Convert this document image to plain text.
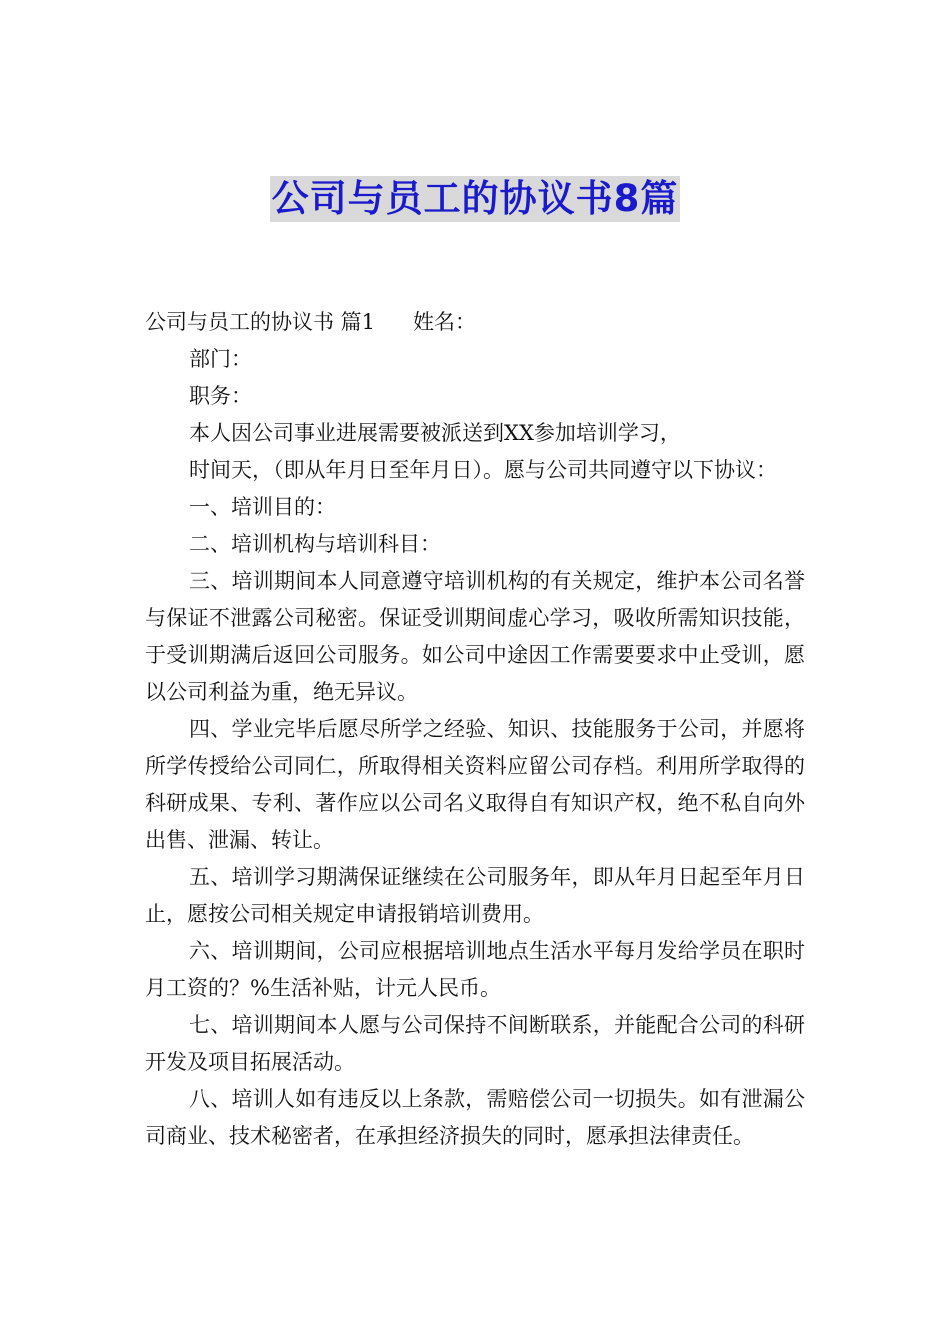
公司与员工的协议书8篇
公司与员工的协议书 篇1 姓名：
部门：
职务：

本人因公司事业进展需要被派送到XX参加培训学习，

时间天，（即从年月日至年月日）。愿与公司共同遵守以下协议：

一、培训目的：

二、培训机构与培训科目：

三、培训期间本人同意遵守培训机构的有关规定，维护本公司名誉与保证不泄露公司秘密。保证受训期间虚心学习，吸收所需知识技能，于受训期满后返回公司服务。如公司中途因工作需要要求中止受训，愿以公司利益为重，绝无异议。

四、学业完毕后愿尽所学之经验、知识、技能服务于公司，并愿将所学传授给公司同仁，所取得相关资料应留公司存档。利用所学取得的科研成果、专利、著作应以公司名义取得自有知识产权，绝不私自向外出售、泄漏、转让。

五、培训学习期满保证继续在公司服务年，即从年月日起至年月日止，愿按公司相关规定申请报销培训费用。

六、培训期间，公司应根据培训地点生活水平每月发给学员在职时月工资的？%生活补贴，计元人民币。

七、培训期间本人愿与公司保持不间断联系，并能配合公司的科研开发及项目拓展活动。

八、培训人如有违反以上条款，需赔偿公司一切损失。如有泄漏公司商业、技术秘密者，在承担经济损失的同时，愿承担法律责任。
